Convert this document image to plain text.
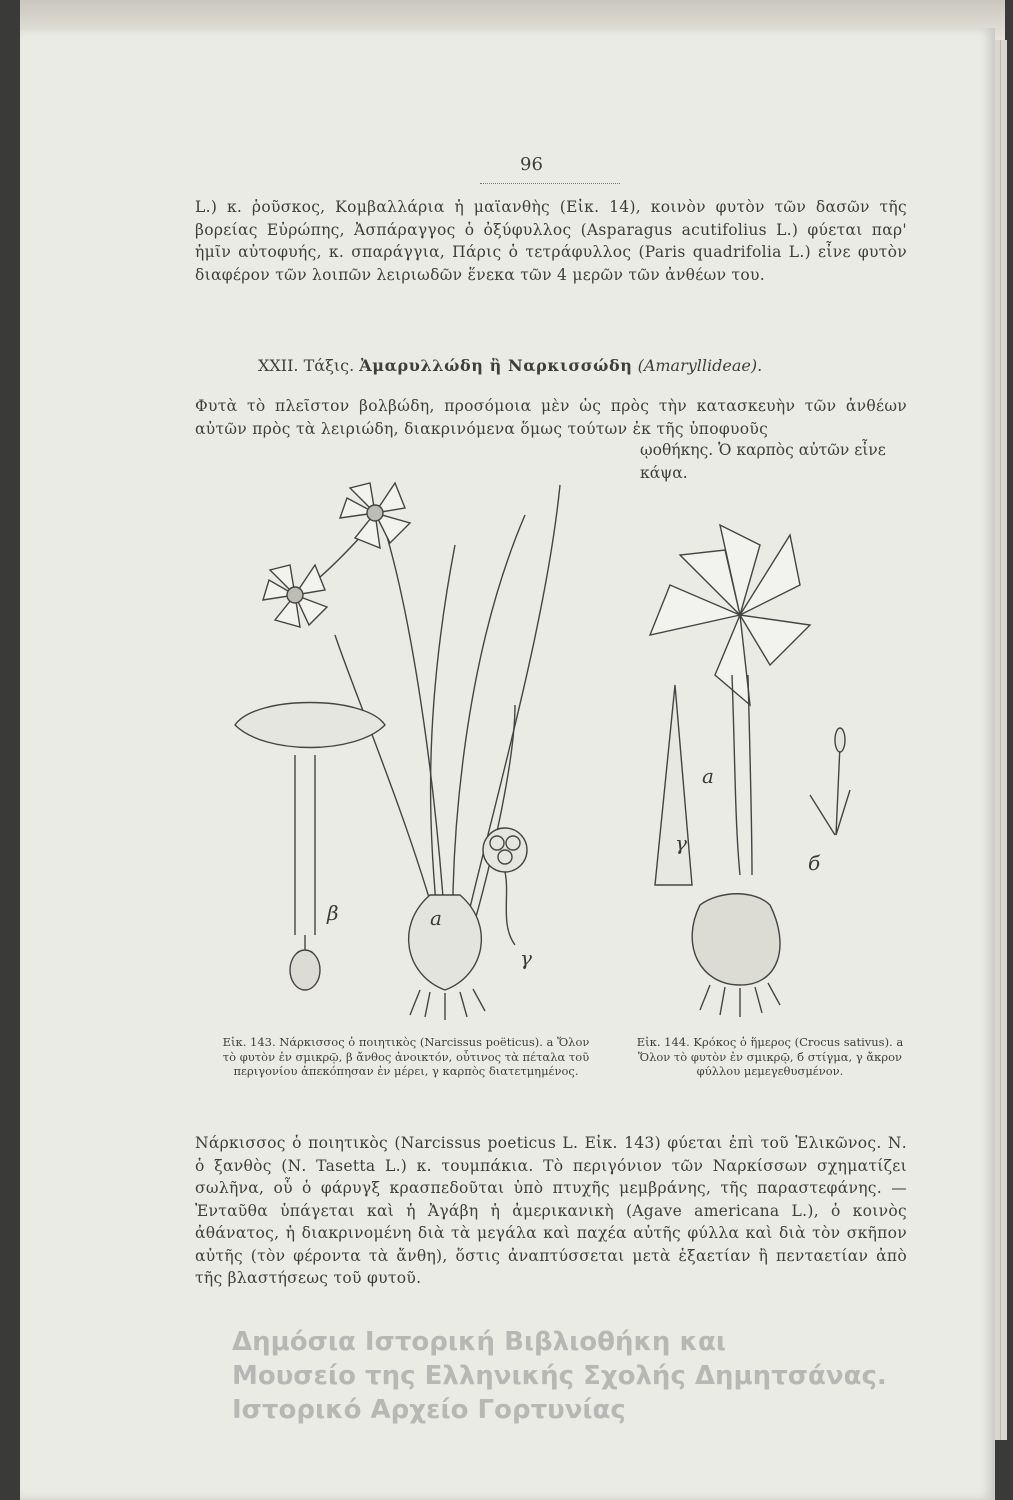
96
L.) κ. ῥοῦσκος, Κομβαλλάρια ἡ μαϊανθὴς (Εἰκ. 14), κοινὸν φυτὸν τῶν δασῶν τῆς βορείας Εὐρώπης, Ἀσπάραγγος ὁ ὀξύφυλλος (Asparagus acutifolius L.) φύεται παρ' ἡμῖν αὐτοφυής, κ. σπαράγγια, Πάρις ὁ τετράφυλλος (Paris quadrifolia L.) εἶνε φυτὸν διαφέρον τῶν λοιπῶν λειριωδῶν ἕνεκα τῶν 4 μερῶν τῶν ἀνθέων του.
XXII. Τάξις. Ἀμαρυλλώδη ἢ Ναρκισσώδη (Amaryllideae).
Φυτὰ τὸ πλεῖστον βολβώδη, προσόμοια μὲν ὡς πρὸς τὴν κατασκευὴν τῶν ἀνθέων αὐτῶν πρὸς τὰ λειριώδη, διακρινόμενα ὅμως τούτων ἐκ τῆς ὑποφυοῦς
ῳοθήκης. Ὁ καρπὸς αὐτῶν εἶνε κάψα.
a
β
γ
a
б
γ
Εἰκ. 143. Νάρκισσος ὁ ποιητικὸς (Narcissus poëticus). a Ὅλον τὸ φυτὸν ἐν σμικρῷ, β ἄνθος ἀνοικτόν, οὗτινος τὰ πέταλα τοῦ περιγονίου ἀπεκόπησαν ἐν μέρει, γ καρπὸς διατετμημένος.
Εἰκ. 144. Κρόκος ὁ ἥμερος (Crocus sativus). a Ὅλον τὸ φυτὸν ἐν σμικρῷ, б στίγμα, γ ἄκρον φύλλου μεμεγεθυσμένον.
Νάρκισσος ὁ ποιητικὸς (Narcissus poeticus L. Εἰκ. 143) φύεται ἐπὶ τοῦ Ἑλικῶνος. Ν. ὁ ξανθὸς (Ν. Tasetta L.) κ. τουμπάκια. Τὸ περιγόνιον τῶν Ναρκίσσων σχηματίζει σωλῆνα, οὗ ὁ φάρυγξ κρασπεδοῦται ὑπὸ πτυχῆς μεμβράνης, τῆς παραστεφάνης. — Ἐνταῦθα ὑπάγεται καὶ ἡ Ἀγάβη ἡ ἀμερικανικὴ (Agave americana L.), ὁ κοινὸς ἀθάνατος, ἡ διακρινομένη διὰ τὰ μεγάλα καὶ παχέα αὐτῆς φύλλα καὶ διὰ τὸν σκῆπον αὐτῆς (τὸν φέροντα τὰ ἄνθη), ὅστις ἀναπτύσσεται μετὰ ἑξαετίαν ἢ πενταετίαν ἀπὸ τῆς βλαστήσεως τοῦ φυτοῦ.
Δημόσια Ιστορική Βιβλιοθήκη και
Μουσείο της Ελληνικής Σχολής Δημητσάνας.
Ιστορικό Αρχείο Γορτυνίας
